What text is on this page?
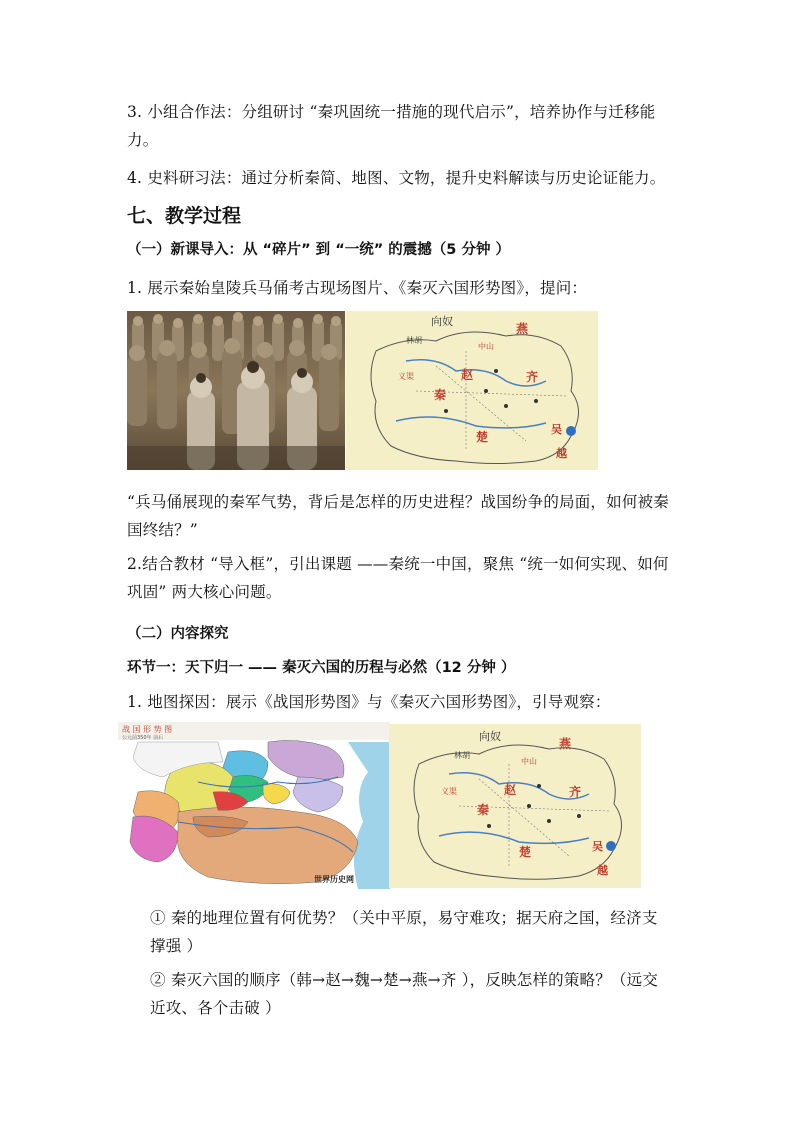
3. 小组合作法：分组研讨 “秦巩固统一措施的现代启示”，培养协作与迁移能力。

4. 史料研习法：通过分析秦简、地图、文物，提升史料解读与历史论证能力。

七、教学过程
（一）新课导入：从 “碎片” 到 “一统” 的震撼（5 分钟 ）

1. 展示秦始皇陵兵马俑考古现场图片、《秦灭六国形势图》，提问：

向奴
林胡
燕
中山
义渠	赵
秦
齐
楚
吴
越

“兵马俑展现的秦军气势，背后是怎样的历史进程？战国纷争的局面，如何被秦国终结？”

2.结合教材 “导入框”，引出课题 ——秦统一中国，聚焦 “统一如何实现、如何巩固” 两大核心问题。

（二）内容探究
环节一：天下归一 —— 秦灭六国的历程与必然（12 分钟 ）

1. 地图探因：展示《战国形势图》与《秦灭六国形势图》，引导观察：

战 国 形 势 图
公元前350年 前后
世界历史网
向奴
林胡
燕
中山
义渠	赵
秦
齐
楚	吴
越

① 秦的地理位置有何优势？（关中平原，易守难攻；据天府之国，经济支撑强 ）

② 秦灭六国的顺序（韩→赵→魏→楚→燕→齐 ），反映怎样的策略？（远交近攻、各个击破 ）
